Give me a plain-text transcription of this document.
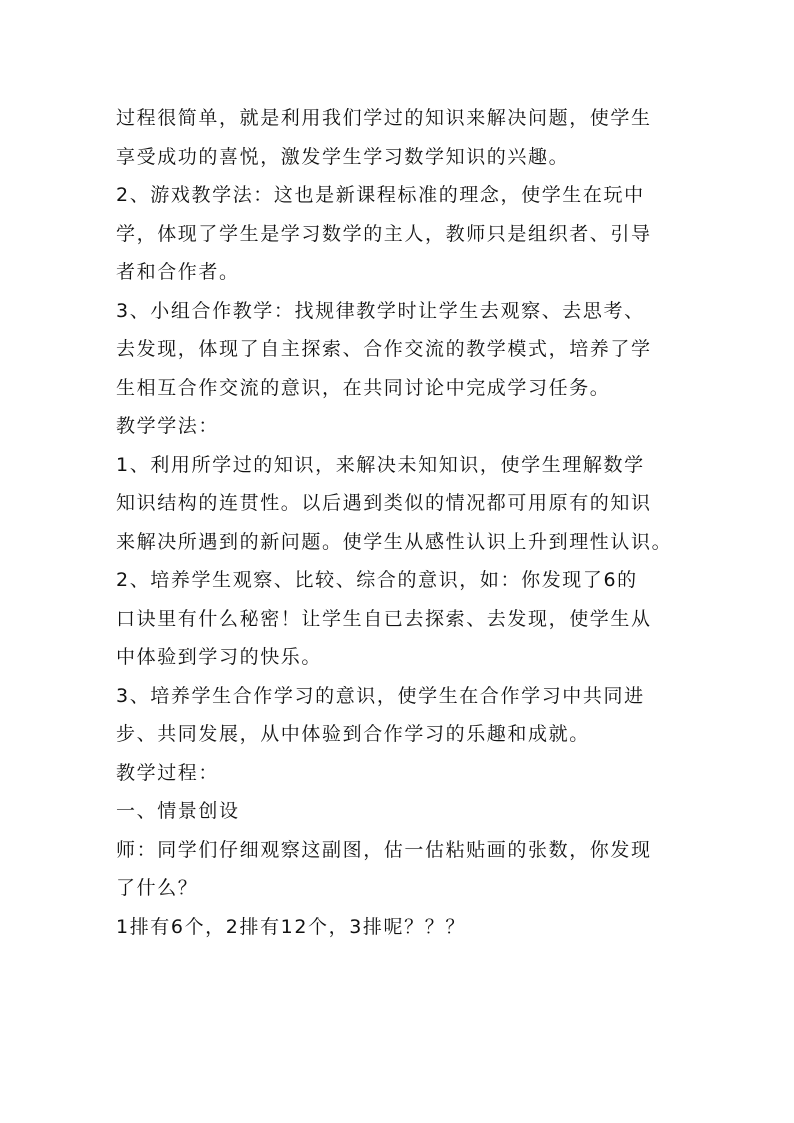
过程很简单，就是利用我们学过的知识来解决问题，使学生
享受成功的喜悦，激发学生学习数学知识的兴趣。
2、游戏教学法：这也是新课程标准的理念，使学生在玩中
学，体现了学生是学习数学的主人，教师只是组织者、引导
者和合作者。
3、小组合作教学：找规律教学时让学生去观察、去思考、
去发现，体现了自主探索、合作交流的教学模式，培养了学
生相互合作交流的意识，在共同讨论中完成学习任务。
教学学法：
1、利用所学过的知识，来解决未知知识，使学生理解数学
知识结构的连贯性。以后遇到类似的情况都可用原有的知识
来解决所遇到的新问题。使学生从感性认识上升到理性认识。
2、培养学生观察、比较、综合的意识，如：你发现了6的
口诀里有什么秘密！让学生自已去探索、去发现，使学生从
中体验到学习的快乐。
3、培养学生合作学习的意识，使学生在合作学习中共同进
步、共同发展，从中体验到合作学习的乐趣和成就。
教学过程：
一、情景创设
师：同学们仔细观察这副图，估一估粘贴画的张数，你发现
了什么？
1排有6个，2排有12个，3排呢？？？
